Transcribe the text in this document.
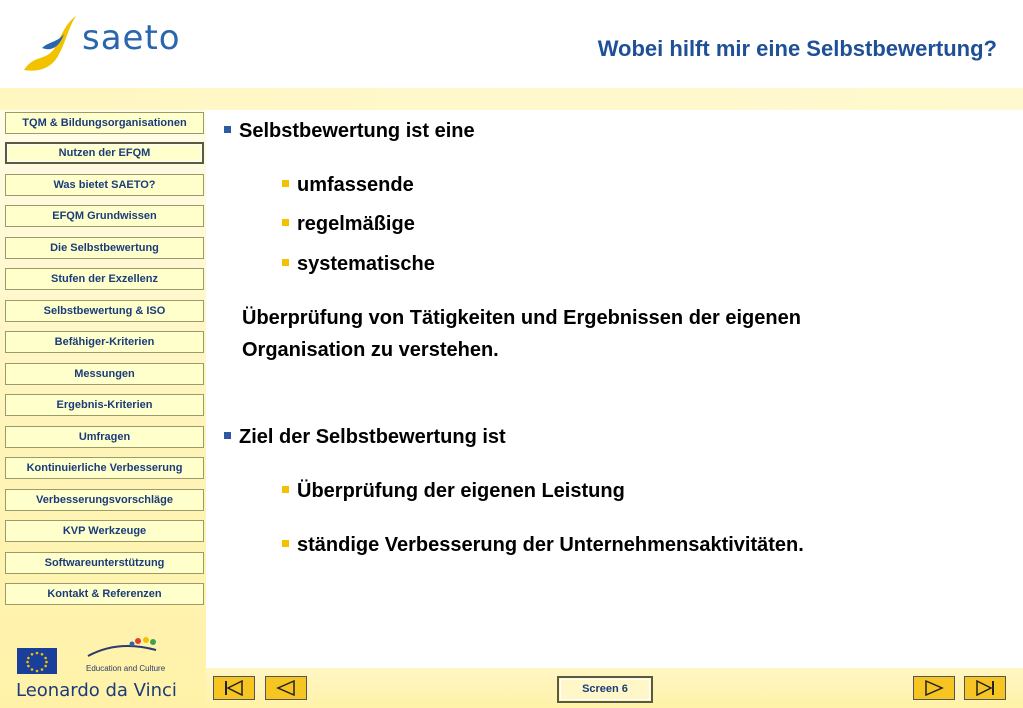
saeto	Wobei hilft mir eine Selbstbewertung?
TQM & Bildungsorganisationen
Nutzen der EFQM
Was bietet SAETO?
EFQM Grundwissen
Die Selbstbewertung
Stufen der Exzellenz
Selbstbewertung & ISO
Befähiger-Kriterien
Messungen
Ergebnis-Kriterien
Umfragen
Kontinuierliche Verbesserung
Verbesserungsvorschläge
KVP Werkzeuge
Softwareunterstützung
Kontakt & Referenzen
Education and Culture
Leonardo da Vinci
Selbstbewertung ist eine
umfassende
regelmäßige
systematische
Überprüfung von Tätigkeiten und Ergebnissen der eigenen
Organisation zu verstehen.
Ziel der Selbstbewertung ist
Überprüfung der eigenen Leistung
ständige Verbesserung der Unternehmensaktivitäten.
Screen 6
